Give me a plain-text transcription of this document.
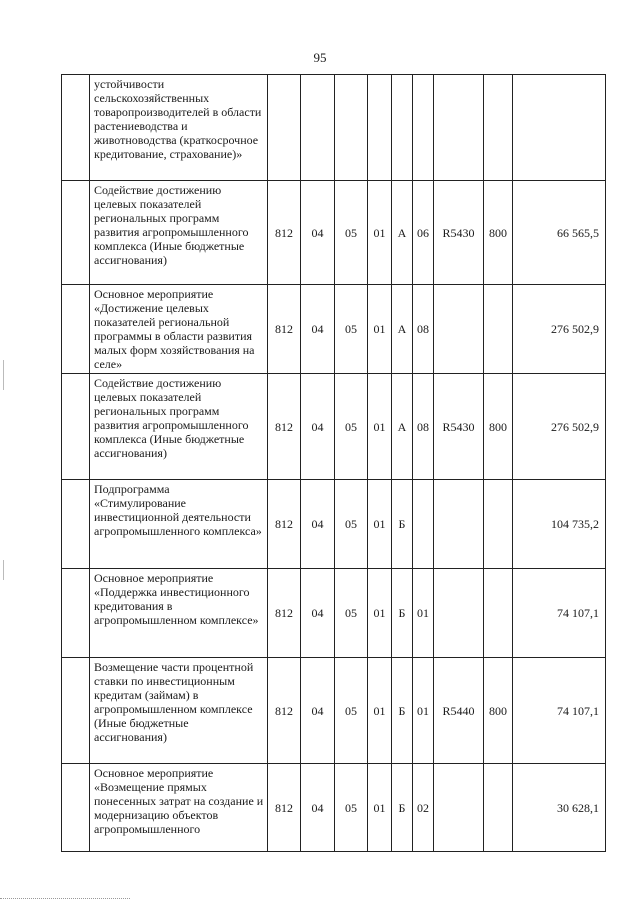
95
	устойчивости сельскохозяйственных товаропроизводителей в области растениеводства и животноводства (краткосрочное кредитование, страхование)»									
	Содействие достижению целевых показателей региональных программ развития агропромышленного комплекса (Иные бюджетные ассигнования)	812	04	05	01	А	06	R5430	800	66 565,5
	Основное мероприятие «Достижение целевых показателей региональной программы в области развития малых форм хозяйствования на селе»	812	04	05	01	А	08			276 502,9
	Содействие достижению целевых показателей региональных программ развития агропромышленного комплекса (Иные бюджетные ассигнования)	812	04	05	01	А	08	R5430	800	276 502,9
	Подпрограмма «Стимулирование инвестиционной деятельности агропромышленного комплекса»	812	04	05	01	Б				104 735,2
	Основное мероприятие «Поддержка инвестиционного кредитования в агропромышленном комплексе»	812	04	05	01	Б	01			74 107,1
	Возмещение части процентной ставки по инвестиционным кредитам (займам) в агропромышленном комплексе (Иные бюджетные ассигнования)	812	04	05	01	Б	01	R5440	800	74 107,1
	Основное мероприятие «Возмещение прямых понесенных затрат на создание и модернизацию объектов агропромышленного	812	04	05	01	Б	02			30 628,1
